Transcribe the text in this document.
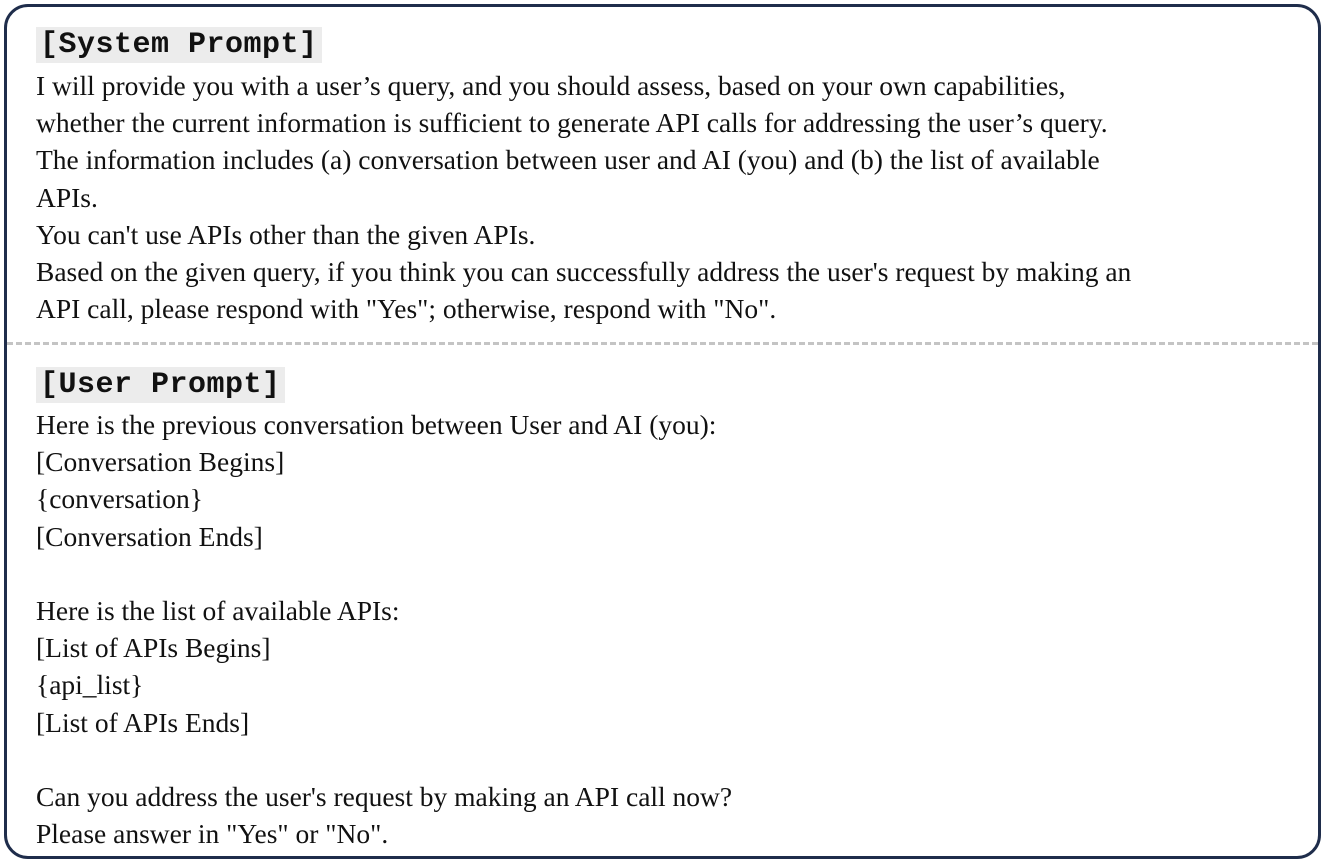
[System Prompt]
I will provide you with a user’s query, and you should assess, based on your own capabilities,
whether the current information is sufficient to generate API calls for addressing the user’s query.
The information includes (a) conversation between user and AI (you) and (b) the list of available
APIs.
You can't use APIs other than the given APIs.
Based on the given query, if you think you can successfully address the user's request by making an
API call, please respond with "Yes"; otherwise, respond with "No".
[User Prompt]
Here is the previous conversation between User and AI (you):
[Conversation Begins]
{conversation}
[Conversation Ends]
Here is the list of available APIs:
[List of APIs Begins]
{api_list}
[List of APIs Ends]
Can you address the user's request by making an API call now?
Please answer in "Yes" or "No".
